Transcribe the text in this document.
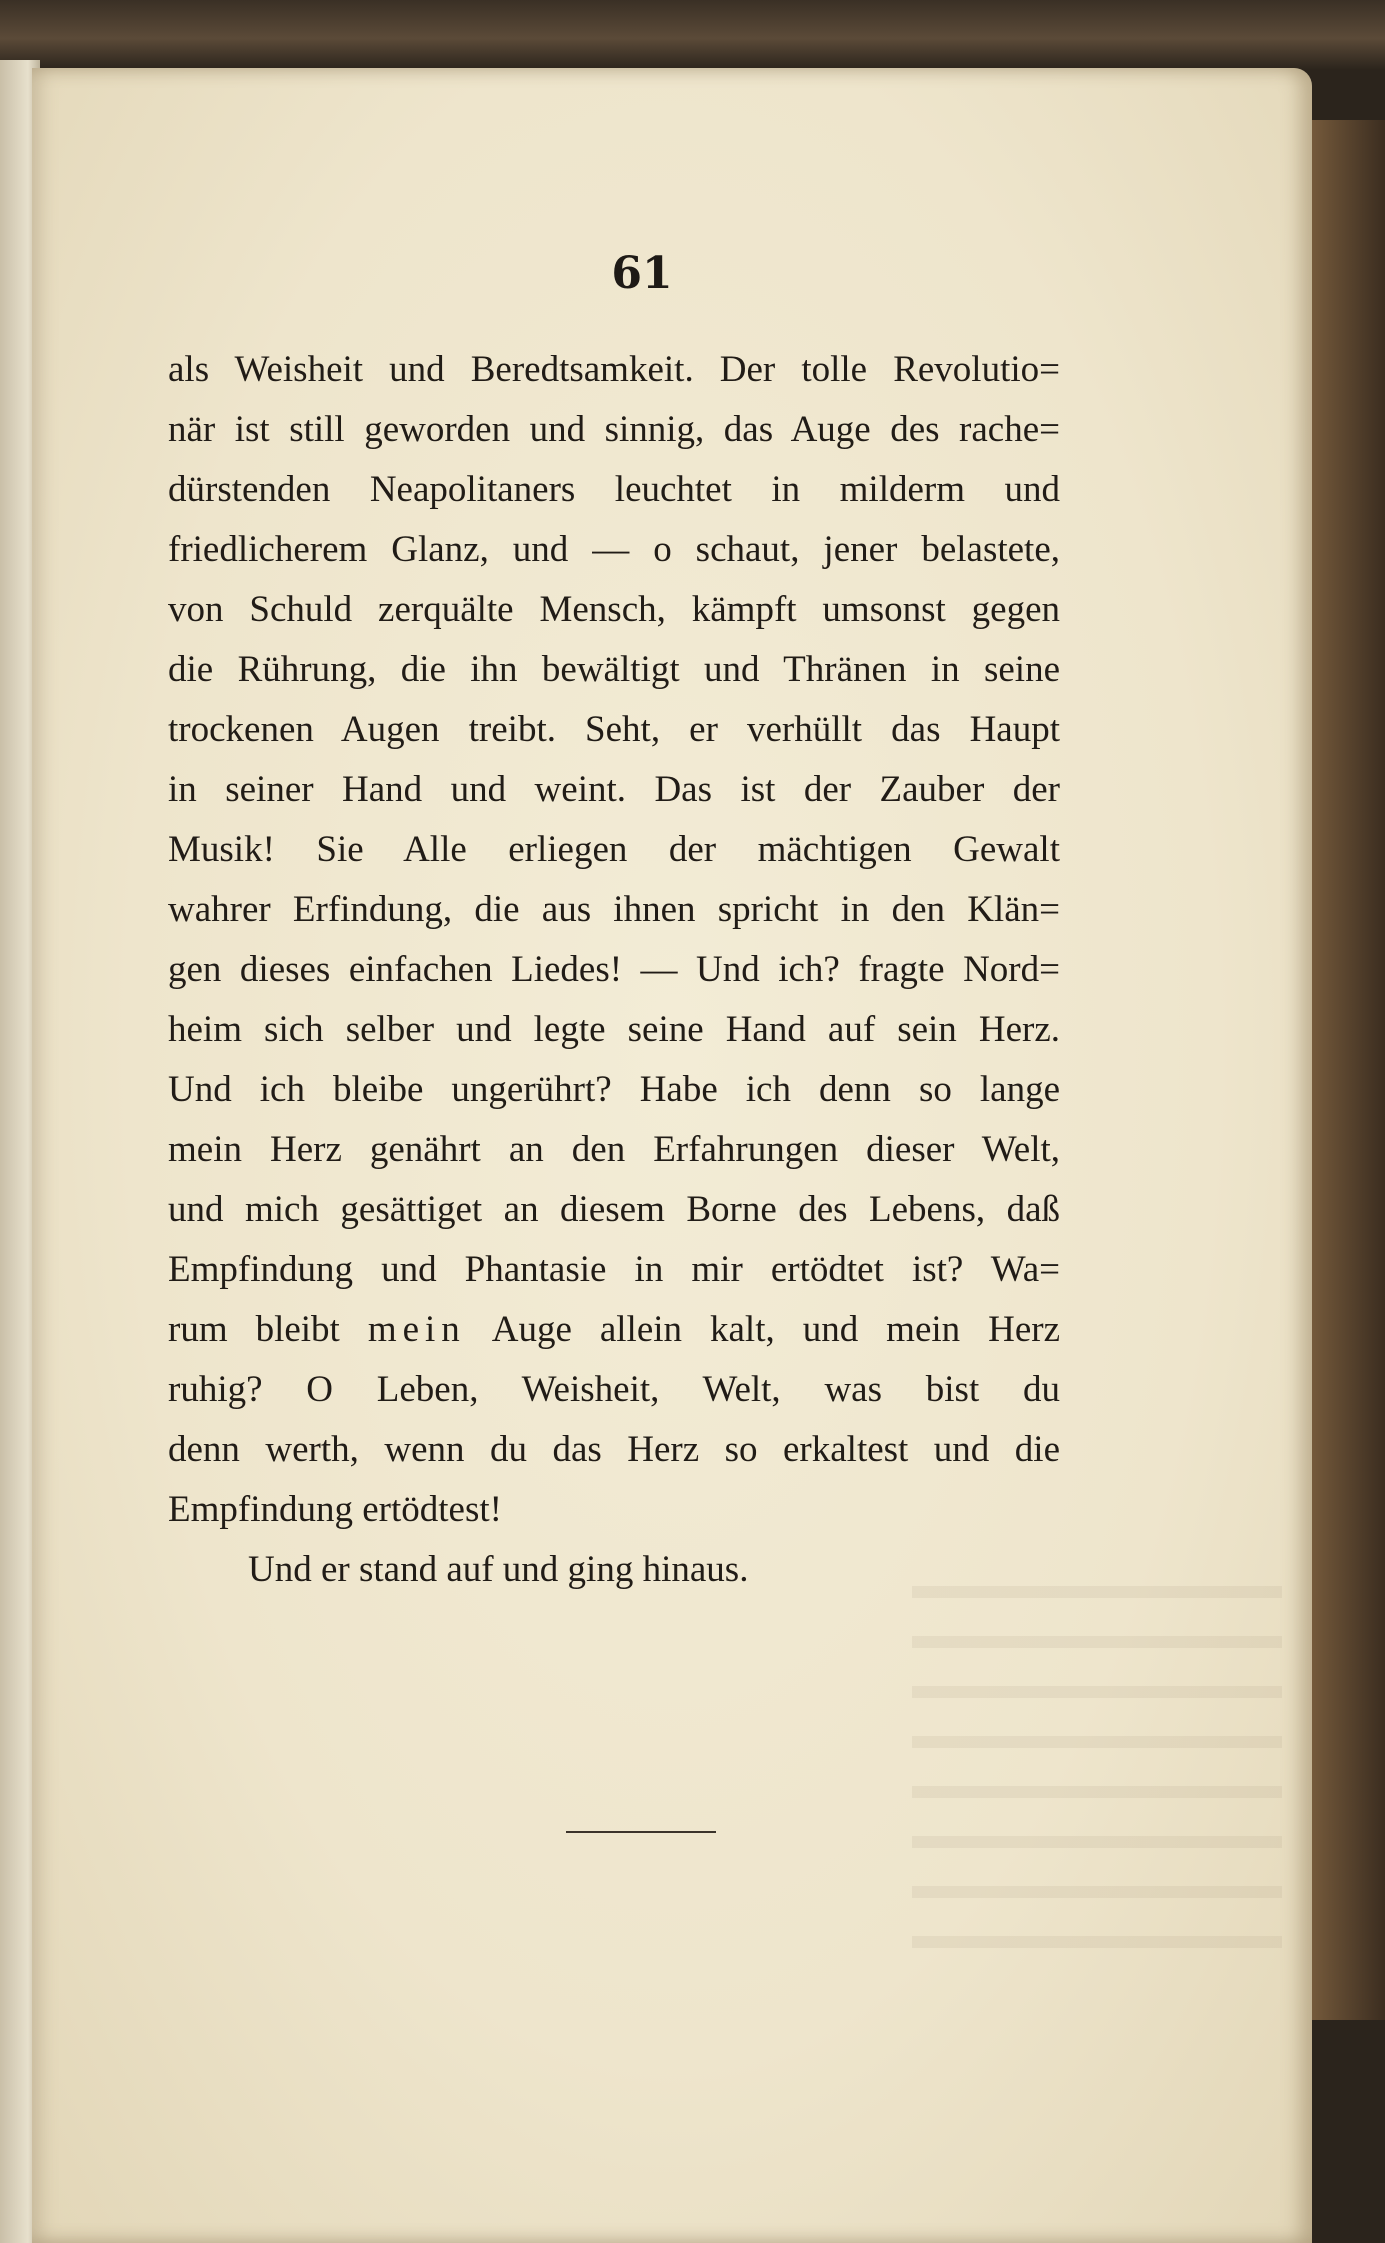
61
als Weisheit und Beredtsamkeit. Der tolle Revolutio=
när ist still geworden und sinnig, das Auge des rache=
dürstenden Neapolitaners leuchtet in milderm und
friedlicherem Glanz, und — o schaut, jener belastete,
von Schuld zerquälte Mensch, kämpft umsonst gegen
die Rührung, die ihn bewältigt und Thränen in seine
trockenen Augen treibt. Seht, er verhüllt das Haupt
in seiner Hand und weint. Das ist der Zauber der
Musik! Sie Alle erliegen der mächtigen Gewalt
wahrer Erfindung, die aus ihnen spricht in den Klän=
gen dieses einfachen Liedes! — Und ich? fragte Nord=
heim sich selber und legte seine Hand auf sein Herz.
Und ich bleibe ungerührt? Habe ich denn so lange
mein Herz genährt an den Erfahrungen dieser Welt,
und mich gesättiget an diesem Borne des Lebens, daß
Empfindung und Phantasie in mir ertödtet ist? Wa=
rum bleibt mein Auge allein kalt, und mein Herz
ruhig? O Leben, Weisheit, Welt, was bist du
denn werth, wenn du das Herz so erkaltest und die
Empfindung ertödtest!
Und er stand auf und ging hinaus.
